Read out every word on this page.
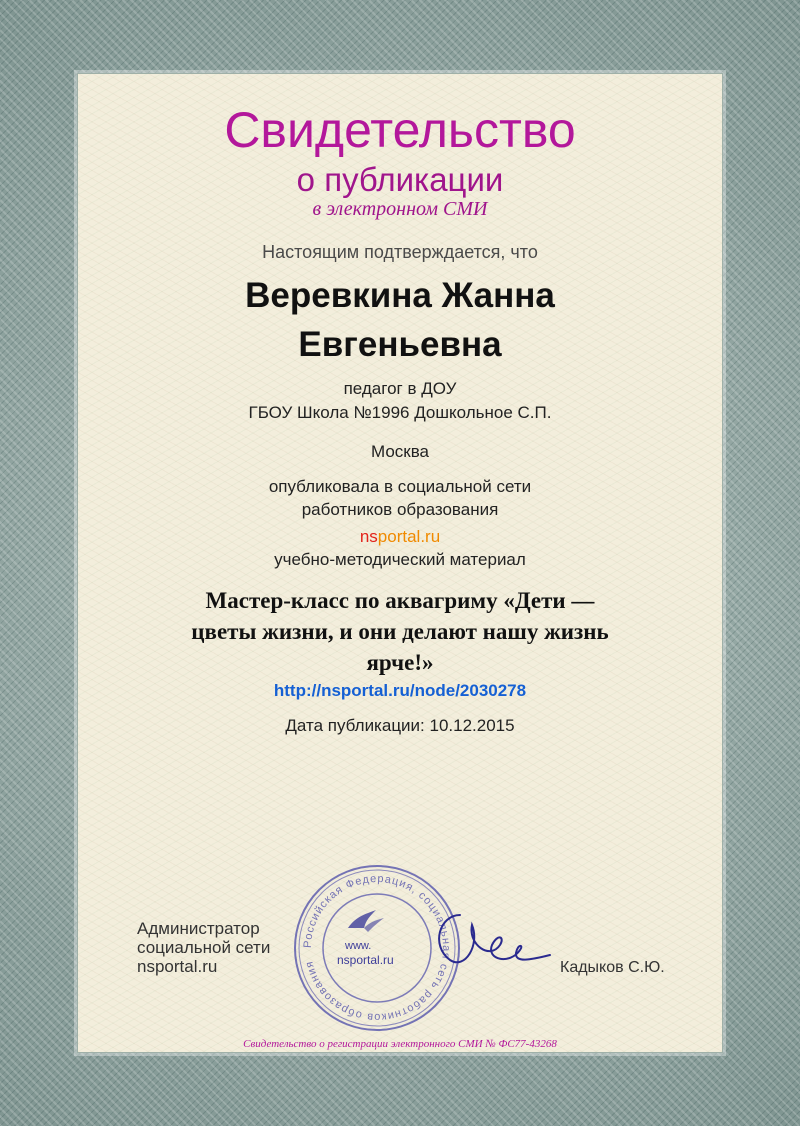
Свидетельство
о публикации
в электронном СМИ
Настоящим подтверждается, что
Веревкина Жанна
Евгеньевна
педагог в ДОУ
ГБОУ Школа №1996 Дошкольное С.П.
Москва
опубликовала в социальной сети
работников образования
nsportal.ru
учебно-методический материал
Мастер-класс по аквагриму «Дети —
цветы жизни, и они делают нашу жизнь
ярче!»
http://nsportal.ru/node/2030278
Дата публикации: 10.12.2015
Администратор
социальной сети
nsportal.ru
Российская Федерация, социальная сеть работников образования
www.
nsportal.ru	Кадыков С.Ю.
Свидетельство о регистрации электронного СМИ № ФС77-43268
